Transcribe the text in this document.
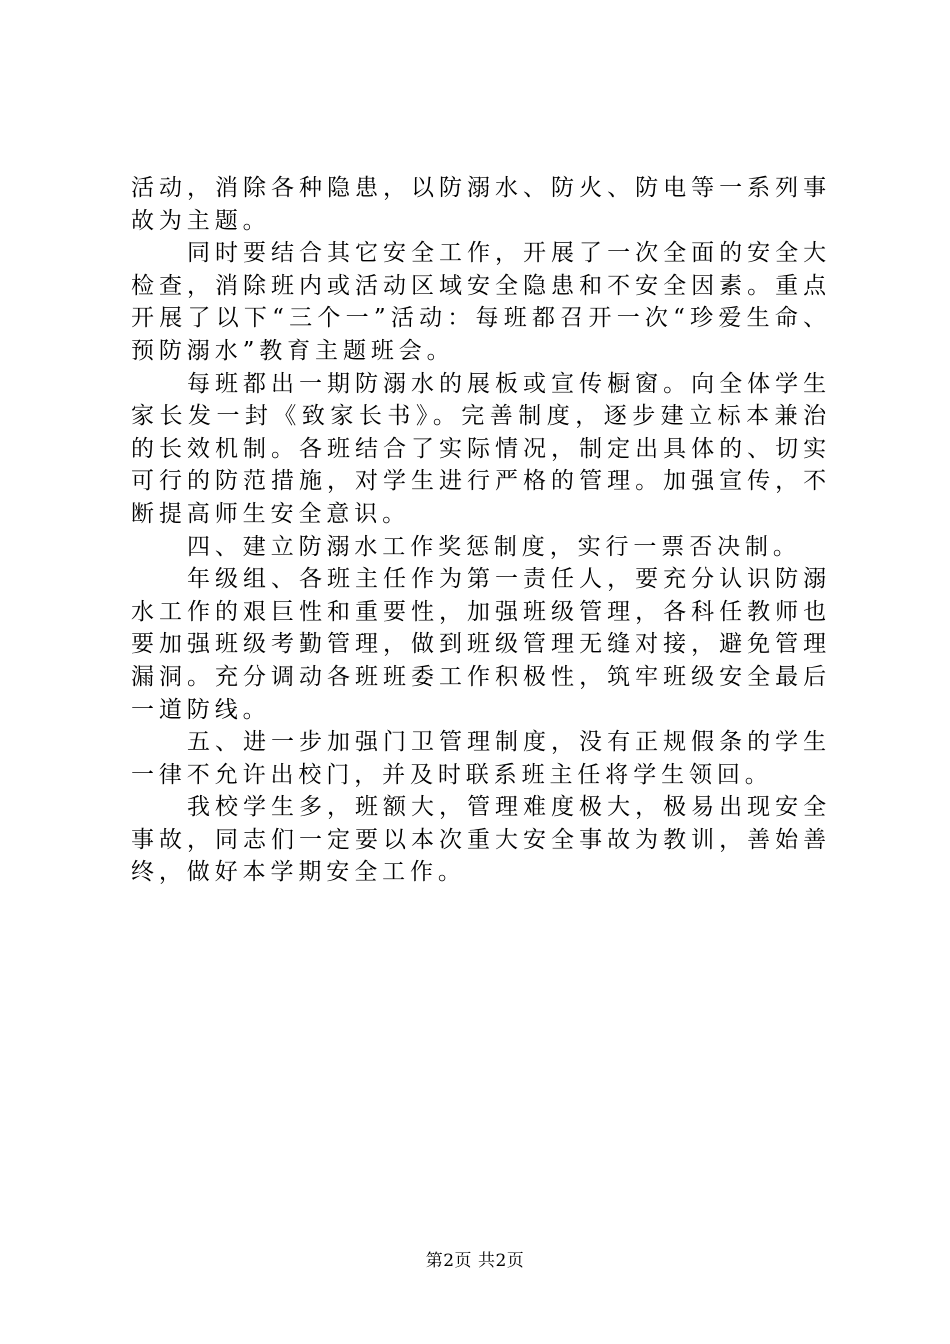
活动，消除各种隐患，以防溺水、防火、防电等一系列事故为主题。

同时要结合其它安全工作，开展了一次全面的安全大检查，消除班内或活动区域安全隐患和不安全因素。重点开展了以下“三个一”活动：每班都召开一次“珍爱生命、预防溺水”教育主题班会。

每班都出一期防溺水的展板或宣传橱窗。向全体学生家长发一封《致家长书》。完善制度，逐步建立标本兼治的长效机制。各班结合了实际情况，制定出具体的、切实可行的防范措施，对学生进行严格的管理。加强宣传，不断提高师生安全意识。

四、建立防溺水工作奖惩制度，实行一票否决制。

年级组、各班主任作为第一责任人，要充分认识防溺水工作的艰巨性和重要性，加强班级管理，各科任教师也要加强班级考勤管理，做到班级管理无缝对接，避免管理漏洞。充分调动各班班委工作积极性，筑牢班级安全最后一道防线。

五、进一步加强门卫管理制度，没有正规假条的学生一律不允许出校门，并及时联系班主任将学生领回。

我校学生多，班额大，管理难度极大，极易出现安全事故，同志们一定要以本次重大安全事故为教训，善始善终，做好本学期安全工作。

第2页 共2页
